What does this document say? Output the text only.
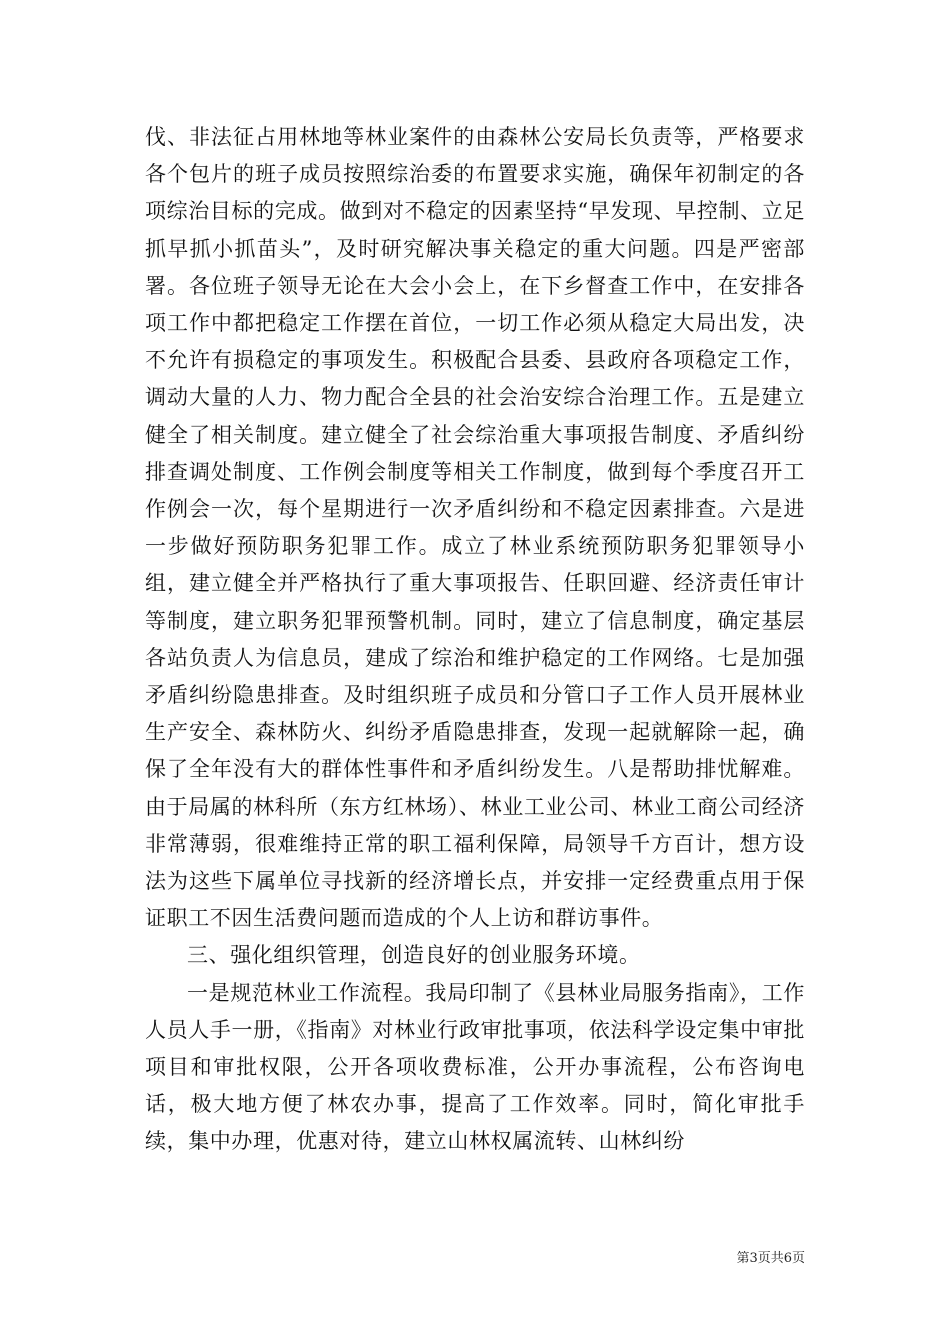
伐、非法征占用林地等林业案件的由森林公安局长负责等，严格要求各个包片的班子成员按照综治委的布置要求实施，确保年初制定的各项综治目标的完成。做到对不稳定的因素坚持“早发现、早控制、立足抓早抓小抓苗头”，及时研究解决事关稳定的重大问题。四是严密部署。各位班子领导无论在大会小会上，在下乡督查工作中，在安排各项工作中都把稳定工作摆在首位，一切工作必须从稳定大局出发，决不允许有损稳定的事项发生。积极配合县委、县政府各项稳定工作，调动大量的人力、物力配合全县的社会治安综合治理工作。五是建立健全了相关制度。建立健全了社会综治重大事项报告制度、矛盾纠纷排查调处制度、工作例会制度等相关工作制度，做到每个季度召开工作例会一次，每个星期进行一次矛盾纠纷和不稳定因素排查。六是进一步做好预防职务犯罪工作。成立了林业系统预防职务犯罪领导小组，建立健全并严格执行了重大事项报告、任职回避、经济责任审计等制度，建立职务犯罪预警机制。同时，建立了信息制度，确定基层各站负责人为信息员，建成了综治和维护稳定的工作网络。七是加强矛盾纠纷隐患排查。及时组织班子成员和分管口子工作人员开展林业生产安全、森林防火、纠纷矛盾隐患排查，发现一起就解除一起，确保了全年没有大的群体性事件和矛盾纠纷发生。八是帮助排忧解难。由于局属的林科所（东方红林场）、林业工业公司、林业工商公司经济非常薄弱，很难维持正常的职工福利保障，局领导千方百计，想方设法为这些下属单位寻找新的经济增长点，并安排一定经费重点用于保证职工不因生活费问题而造成的个人上访和群访事件。

三、强化组织管理，创造良好的创业服务环境。

一是规范林业工作流程。我局印制了《县林业局服务指南》，工作人员人手一册，《指南》对林业行政审批事项，依法科学设定集中审批项目和审批权限，公开各项收费标准，公开办事流程，公布咨询电话，极大地方便了林农办事，提高了工作效率。同时，简化审批手续，集中办理，优惠对待，建立山林权属流转、山林纠纷

第3页共6页
